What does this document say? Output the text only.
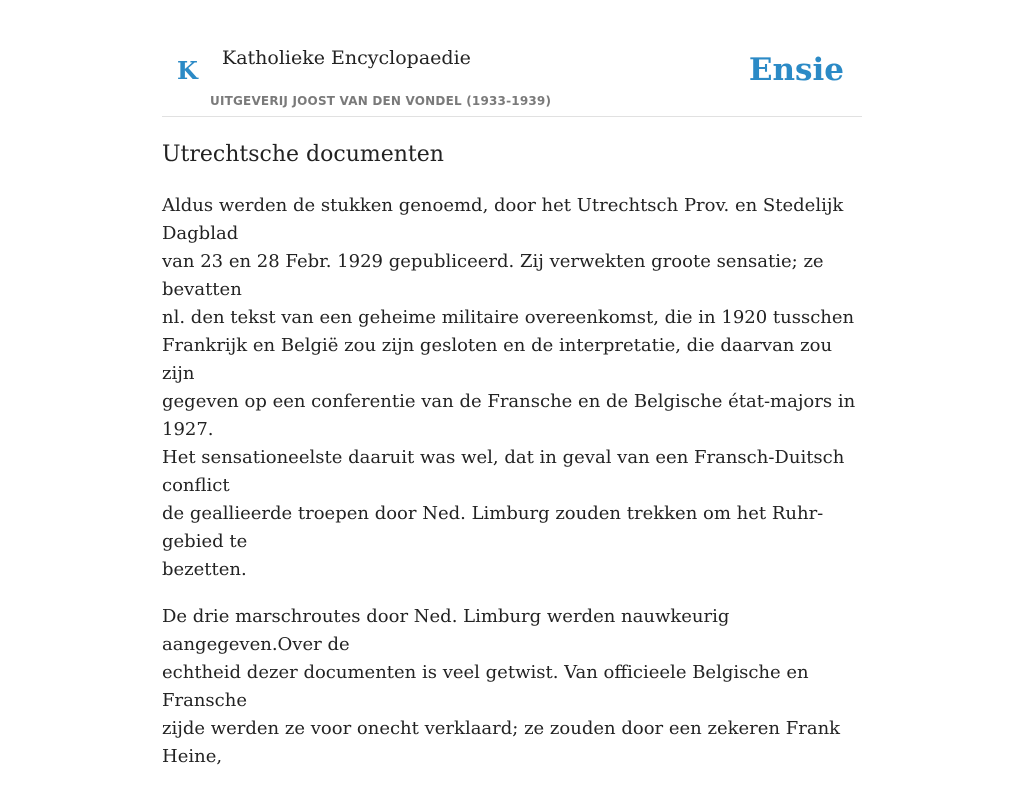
K Katholieke Encyclopaedie
UITGEVERIJ JOOST VAN DEN VONDEL (1933-1939)
Ensie
Utrechtsche documenten

Aldus werden de stukken genoemd, door het Utrechtsch Prov. en Stedelijk Dagblad
van 23 en 28 Febr. 1929 gepubliceerd. Zij verwekten groote sensatie; ze bevatten
nl. den tekst van een geheime militaire overeenkomst, die in 1920 tusschen
Frankrijk en België zou zijn gesloten en de interpretatie, die daarvan zou zijn
gegeven op een conferentie van de Fransche en de Belgische état-majors in 1927.
Het sensationeelste daaruit was wel, dat in geval van een Fransch-Duitsch conflict
de geallieerde troepen door Ned. Limburg zouden trekken om het Ruhr-gebied te
bezetten.

De drie marschroutes door Ned. Limburg werden nauwkeurig aangegeven.Over de
echtheid dezer documenten is veel getwist. Van officieele Belgische en Fransche
zijde werden ze voor onecht verklaard; ze zouden door een zekeren Frank Heine,
